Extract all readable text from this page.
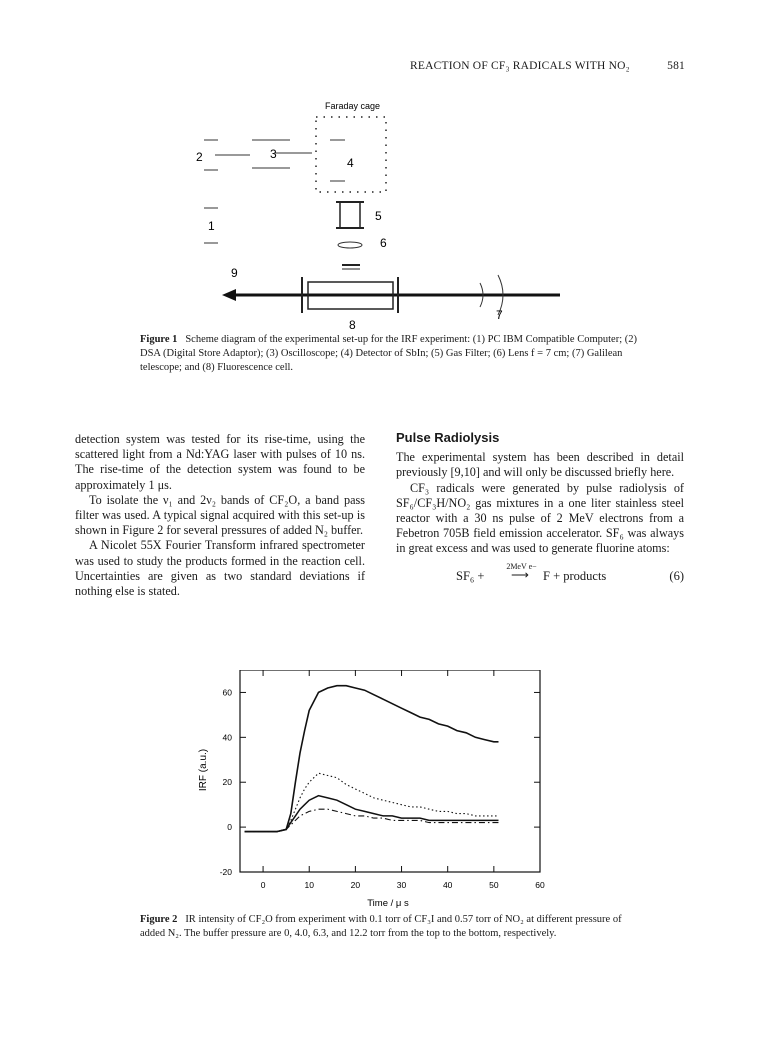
REACTION OF CF₃ RADICALS WITH NO₂	581
Faraday cage
2	3
4
1
5
6
7
8
9
Figure 1 Scheme diagram of the experimental set-up for the IRF experiment: (1) PC IBM Compatible Computer; (2) DSA (Digital Store Adaptor); (3) Oscilloscope; (4) Detector of SbIn; (5) Gas Filter; (6) Lens f = 7 cm; (7) Galilean telescope; and (8) Fluorescence cell.

detection system was tested for its rise-time, using the scattered light from a Nd:YAG laser with pulses of 10 ns. The rise-time of the detection system was found to be approximately 1 μs.

To isolate the ν₁ and 2ν₂ bands of CF₂O, a band pass filter was used. A typical signal acquired with this set-up is shown in Figure 2 for several pressures of added N₂ buffer.

A Nicolet 55X Fourier Transform infrared spectrometer was used to study the products formed in the reaction cell. Uncertainties are given as two standard deviations if nothing else is stated.

Pulse Radiolysis

The experimental system has been described in detail previously [9,10] and will only be discussed briefly here.

CF₃ radicals were generated by pulse radiolysis of SF₆/CF₃H/NO₂ gas mixtures in a one liter stainless steel reactor with a 30 ns pulse of 2 MeV electrons from a Febetron 705B field emission accelerator. SF₆ was always in great excess and was used to generate fluorine atoms:

SF₆ +
2MeV e−
⟶	F + products	(6)
0	10	20	30	40	50	60
-20
0
20
40
60
IRF (a.u.)
Time / μ s
Figure 2 IR intensity of CF₂O from experiment with 0.1 torr of CF₃I and 0.57 torr of NO₂ at different pressure of added N₂. The buffer pressure are 0, 4.0, 6.3, and 12.2 torr from the top to the bottom, respectively.
